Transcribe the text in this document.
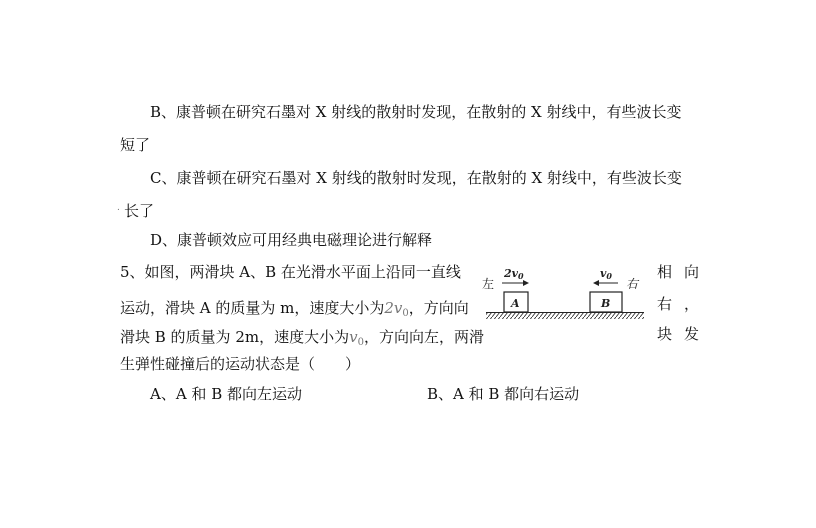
B、康普顿在研究石墨对 X 射线的散射时发现，在散射的 X 射线中，有些波长变
短了
C、康普顿在研究石墨对 X 射线的散射时发现，在散射的 X 射线中，有些波长变
. 长了
D、康普顿效应可用经典电磁理论进行解释
5、如图，两滑块 A、B 在光滑水平面上沿同一直线
运动，滑块 A 的质量为 m，速度大小为$2v_0$，方向向
滑块 B 的质量为 2m，速度大小为$v_0$，方向向左，两滑
生弹性碰撞后的运动状态是（　　）
相向
右，
块发
左	右
2v0	v0
A	B
A、A 和 B 都向左运动	B、A 和 B 都向右运动
